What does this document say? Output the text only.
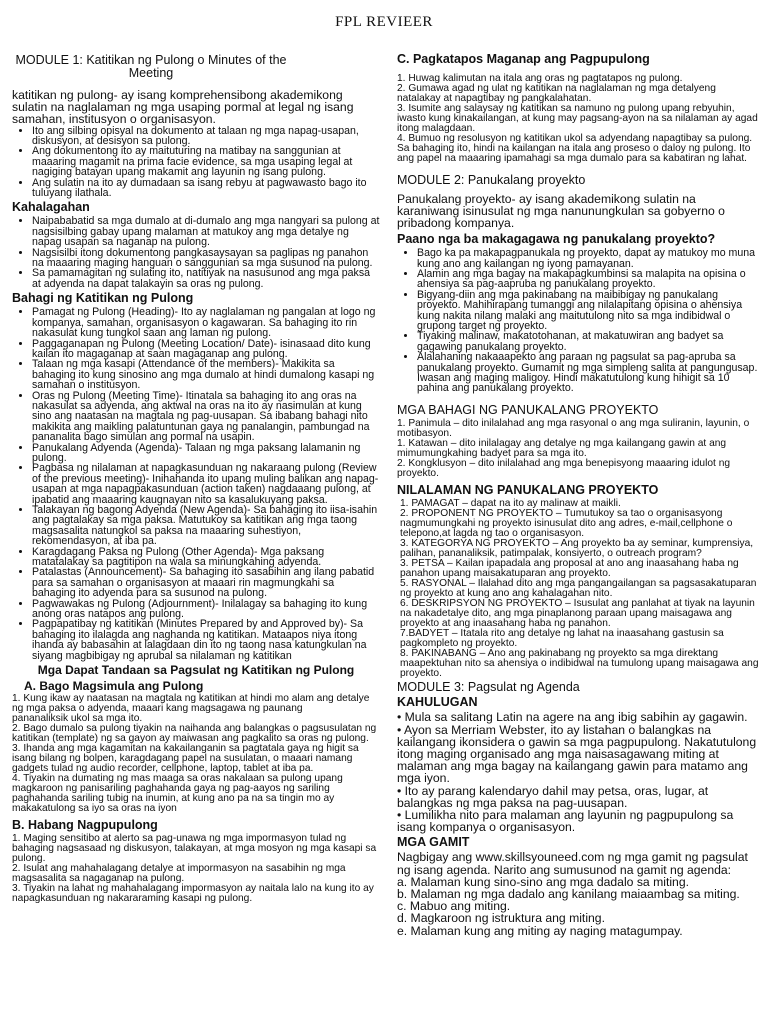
FPL REVIEER
MODULE 1: Katitikan ng Pulong o Minutes of the Meeting

katitikan ng pulong- ay isang komprehensibong akademikong sulatin na naglalaman ng mga usaping pormal at legal ng isang samahan, institusyon o organisasyon.

• Ito ang silbing opisyal na dokumento at talaan ng mga napag-usapan, diskusyon, at desisyon sa pulong.
• Ang dokumentong ito ay maituturing na matibay na sanggunian at maaaring magamit na prima facie evidence, sa mga usaping legal at nagiging batayan upang makamit ang layunin ng isang pulong.
• Ang sulatin na ito ay dumadaan sa isang rebyu at pagwawasto bago ito tuluyang ilathala.
Kahalagahan
• Naipababatid sa mga dumalo at di-dumalo ang mga nangyari sa pulong at nagsisilbing gabay upang malaman at matukoy ang mga detalye ng napag usapan sa naganap na pulong.
• Nagsisilbi itong dokumentong pangkasaysayan sa paglipas ng panahon na maaaring maging hanguan o sanggunian sa mga susunod na pulong.
• Sa pamamagitan ng sulating ito, natitiyak na nasusunod ang mga paksa at adyenda na dapat talakayin sa oras ng pulong.
Bahagi ng Katitikan ng Pulong
• Pamagat ng Pulong (Heading)- Ito ay naglalaman ng pangalan at logo ng kompanya, samahan, organisasyon o kagawaran. Sa bahaging ito rin nakasulat kung tungkol saan ang laman ng pulong.
• Paggaganapan ng Pulong (Meeting Location/ Date)- isinasaad dito kung kailan ito magaganap at saan magaganap ang pulong.
• Talaan ng mga kasapi (Attendance of the members)- Makikita sa bahaging ito kung sinosino ang mga dumalo at hindi dumalong kasapi ng samahan o institusyon.
• Oras ng Pulong (Meeting Time)- Itinatala sa bahaging ito ang oras na nakasulat sa adyenda, ang aktwal na oras na ito ay nasimulan at kung sino ang naatasan na magtala ng pag-uusapan. Sa ibabang bahagi nito makikita ang maikling palatuntunan gaya ng panalangin, pambungad na pananalita bago simulan ang pormal na usapin.
• Panukalang Adyenda (Agenda)- Talaan ng mga paksang lalamanin ng pulong.
• Pagbasa ng nilalaman at napagkasunduan ng nakaraang pulong (Review of the previous meeting)- Inihahanda ito upang muling balikan ang napag-usapan at mga napagpakasunduan (action taken) nagdaaang pulong, at ipabatid ang maaaring kaugnayan nito sa kasalukuyang paksa.
• Talakayan ng bagong Adyenda (New Agenda)- Sa bahaging ito iisa-isahin ang pagtalakay sa mga paksa. Matutukoy sa katitikan ang mga taong magsasalita natungkol sa paksa na maaaring suhestiyon, rekomendasyon, at iba pa.
• Karagdagang Paksa ng Pulong (Other Agenda)- Mga paksang matatalakay sa pagtitipon na wala sa minungkahing adyenda.
• Patalastas (Announcement)- Sa bahaging ito sasabihin ang ilang pabatid para sa samahan o organisasyon at maaari rin magmungkahi sa bahaging ito adyenda para sa susunod na pulong.
• Pagwawakas ng Pulong (Adjournment)- Inilalagay sa bahaging ito kung anong oras natapos ang pulong.
• Pagpapatibay ng katitikan (Minutes Prepared by and Approved by)- Sa bahaging ito ilalagda ang naghanda ng katitikan. Mataapos niya itong ihanda ay babasahin at lalagdaan din ito ng taong nasa katungkulan na siyang magbibigay ng aprubal sa nilalaman ng katitikan
Mga Dapat Tandaan sa Pagsulat ng Katitikan ng Pulong
A. Bago Magsimula ang Pulong

1. Kung ikaw ay naatasan na magtala ng katitikan at hindi mo alam ang detalye ng mga paksa o adyenda, maaari kang magsagawa ng paunang

pananaliksik ukol sa mga ito.

2. Bago dumalo sa pulong tiyakin na naihanda ang balangkas o pagsusulatan ng katitikan (template) ng sa gayon ay maiwasan ang pagkalito sa oras ng pulong.

3. Ihanda ang mga kagamitan na kakailanganin sa pagtatala gaya ng higit sa isang bilang ng bolpen, karagdagang papel na susulatan, o maaari namang gadgets tulad ng audio recorder, cellphone, laptop, tablet at iba pa.

4. Tiyakin na dumating ng mas maaga sa oras nakalaan sa pulong upang magkaroon ng panisariling paghahanda gaya ng pag-aayos ng sariling paghahanda sariling tubig na inumin, at kung ano pa na sa tingin mo ay makakatulong sa iyo sa oras na iyon

B. Habang Nagpupulong

1. Maging sensitibo at alerto sa pag-unawa ng mga impormasyon tulad ng bahaging nagsasaad ng diskusyon, talakayan, at mga mosyon ng mga kasapi sa pulong.

2. Isulat ang mahahalagang detalye at impormasyon na sasabihin ng mga magsasalita sa nagaganap na pulong.

3. Tiyakin na lahat ng mahahalagang impormasyon ay naitala lalo na kung ito ay napagkasunduan ng nakararaming kasapi ng pulong.

C. Pagkatapos Maganap ang Pagpupulong

1. Huwag kalimutan na itala ang oras ng pagtatapos ng pulong.

2. Gumawa agad ng ulat ng katitikan na naglalaman ng mga detalyeng natalakay at napagtibay ng pangkalahatan.

3. Isumite ang salaysay ng katitikan sa namuno ng pulong upang rebyuhin, iwasto kung kinakailangan, at kung may pagsang-ayon na sa nilalaman ay agad itong malagdaan.

4. Bumuo ng resolusyon ng katitikan ukol sa adyendang napagtibay sa pulong. Sa bahaging ito, hindi na kailangan na itala ang proseso o daloy ng pulong. Ito ang papel na maaaring ipamahagi sa mga dumalo para sa kabatiran ng lahat.

MODULE 2: Panukalang proyekto

Panukalang proyekto- ay isang akademikong sulatin na karaniwang isinusulat ng mga nanunungkulan sa gobyerno o pribadong kompanya.

Paano nga ba makagagawa ng panukalang proyekto?
• Bago ka pa makapagpanukala ng proyekto, dapat ay matukoy mo muna kung ano ang kailangan ng iyong pamayanan.
• Alamin ang mga bagay na makapagkumbinsi sa malapita na opisina o ahensiya sa pag-aapruba ng panukalang proyekto.
• Bigyang-diin ang mga pakinabang na maibibigay ng panukalang proyekto. Mahihirapang tumanggi ang nilalapitang opisina o ahensiya kung nakita nilang malaki ang maitutulong nito sa mga indibidwal o grupong target ng proyekto.
• Tiyaking malinaw, makatotohanan, at makatuwiran ang badyet sa gagawing panukalang proyekto.
• Alalahaning nakaaapekto ang paraan ng pagsulat sa pag-apruba sa panukalang proyekto. Gumamit ng mga simpleng salita at pangungusap. Iwasan ang maging maligoy. Hindi makatutulong kung hihigit sa 10 pahina ang panukalang proyekto.
MGA BAHAGI NG PANUKALANG PROYEKTO

1. Panimula – dito inilalahad ang mga rasyonal o ang mga suliranin, layunin, o motibasyon.

1. Katawan – dito inilalagay ang detalye ng mga kailangang gawin at ang mimumungkahing badyet para sa mga ito.

2. Kongklusyon – dito inilalahad ang mga benepisyong maaaring idulot ng proyekto.

NILALAMAN NG PANUKALANG PROYEKTO

1. PAMAGAT – dapat na ito ay malinaw at maikli.

2. PROPONENT NG PROYEKTO – Tumutukoy sa tao o organisasyong nagmumungkahi ng proyekto isinusulat dito ang adres, e-mail,cellphone o telepono,at lagda ng tao o organisasyon.

3. KATEGORYA NG PROYEKTO – Ang proyekto ba ay seminar, kumprensiya, palihan, pananaliksik, patimpalak, konsiyerto, o outreach program?

3. PETSA – Kailan ipapadala ang proposal at ano ang inaasahang haba ng panahon upang maisakatuparan ang proyekto.

5. RASYONAL – Ilalahad dito ang mga pangangailangan sa pagsasakatuparan ng proyekto at kung ano ang kahalagahan nito.

6. DESKRIPSYON NG PROYEKTO – Isusulat ang panlahat at tiyak na layunin na nakadetalye dito, ang mga pinaplanong paraan upang maisagawa ang proyekto at ang inaasahang haba ng panahon.

7.BADYET – Itatala rito ang detalye ng lahat na inaasahang gastusin sa pagkompleto ng proyekto.

8. PAKINABANG – Ano ang pakinabang ng proyekto sa mga direktang maapektuhan nito sa ahensiya o indibidwal na tumulong upang maisagawa ang proyekto.

MODULE 3: Pagsulat ng Agenda
KAHULUGAN

• Mula sa salitang Latin na agere na ang ibig sabihin ay gagawin.

• Ayon sa Merriam Webster, ito ay listahan o balangkas na kailangang ikonsidera o gawin sa mga pagpupulong. Nakatutulong itong maging organisado ang mga naisasagawang miting at malaman ang mga bagay na kailangang gawin para matamo ang mga iyon.

• Ito ay parang kalendaryo dahil may petsa, oras, lugar, at balangkas ng mga paksa na pag-uusapan.

• Lumilikha nito para malaman ang layunin ng pagpupulong sa isang kompanya o organisasyon.

MGA GAMIT

Nagbigay ang www.skillsyouneed.com ng mga gamit ng pagsulat ng isang agenda. Narito ang sumusunod na gamit ng agenda:

a. Malaman kung sino-sino ang mga dadalo sa miting.

b. Malaman ng mga dadalo ang kanilang maiaambag sa miting.

c. Mabuo ang miting.

d. Magkaroon ng istruktura ang miting.

e. Malaman kung ang miting ay naging matagumpay.
